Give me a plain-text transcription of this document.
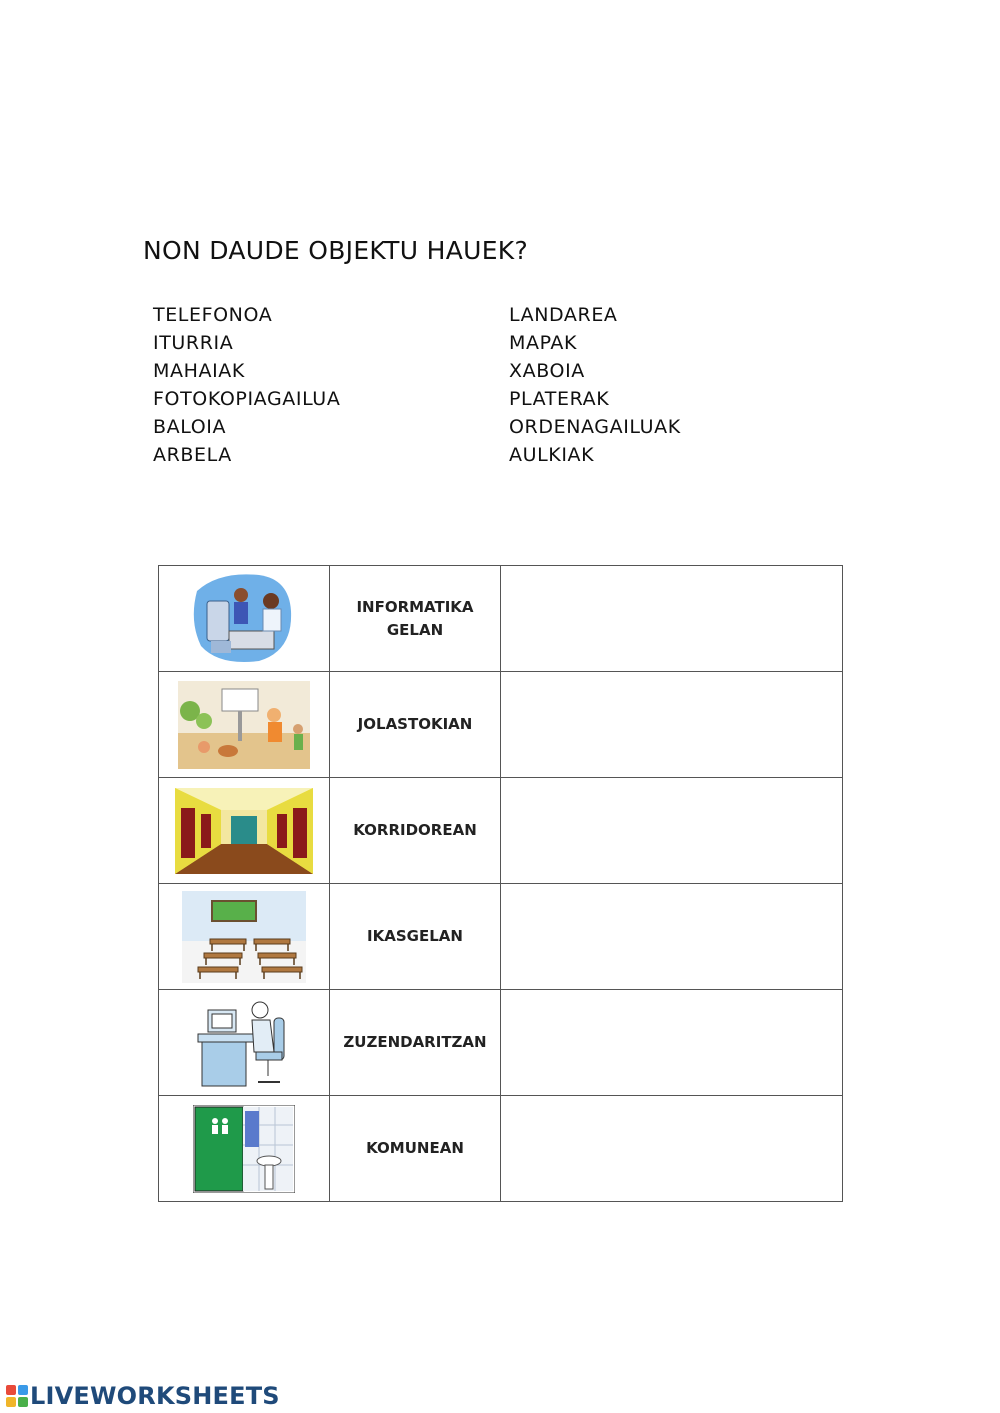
NON DAUDE OBJEKTU HAUEK?
TELEFONOA
ITURRIA
MAHAIAK
FOTOKOPIAGAILUA
BALOIA
ARBELA
LANDAREA
MAPAK
XABOIA
PLATERAK
ORDENAGAILUAK
AULKIAK
	INFORMATIKA
GELAN	

	JOLASTOKIAN	

	KORRIDOREAN	

	IKASGELAN	

	ZUZENDARITZAN	

	KOMUNEAN	
LIVEWORKSHEETS
